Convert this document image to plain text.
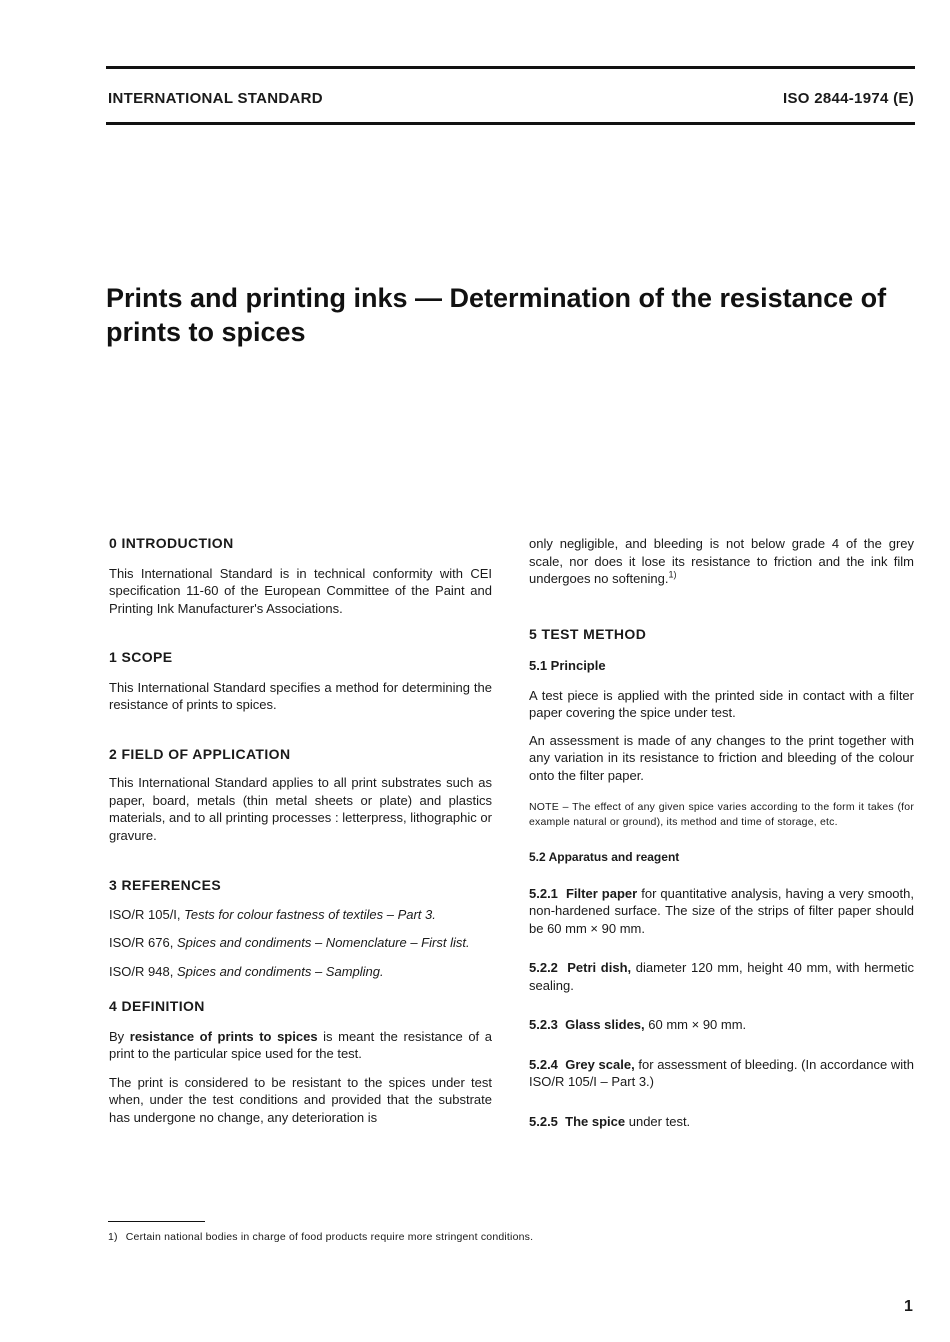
INTERNATIONAL STANDARD	ISO 2844-1974 (E)
Prints and printing inks — Determination of the resistance of prints to spices
0 INTRODUCTION

This International Standard is in technical conformity with CEI specification 11-60 of the European Committee of the Paint and Printing Ink Manufacturer's Associations.

1 SCOPE

This International Standard specifies a method for determining the resistance of prints to spices.

2 FIELD OF APPLICATION

This International Standard applies to all print substrates such as paper, board, metals (thin metal sheets or plate) and plastics materials, and to all printing processes : letterpress, lithographic or gravure.

3 REFERENCES

ISO/R 105/I, Tests for colour fastness of textiles – Part 3.

ISO/R 676, Spices and condiments – Nomenclature – First list.

ISO/R 948, Spices and condiments – Sampling.

4 DEFINITION

By resistance of prints to spices is meant the resistance of a print to the particular spice used for the test.

The print is considered to be resistant to the spices under test when, under the test conditions and provided that the substrate has undergone no change, any deterioration is

only negligible, and bleeding is not below grade 4 of the grey scale, nor does it lose its resistance to friction and the ink film undergoes no softening.$^{1)}$

5 TEST METHOD
5.1 Principle

A test piece is applied with the printed side in contact with a filter paper covering the spice under test.

An assessment is made of any changes to the print together with any variation in its resistance to friction and bleeding of the colour onto the filter paper.

NOTE – The effect of any given spice varies according to the form it takes (for example natural or ground), its method and time of storage, etc.

5.2 Apparatus and reagent

5.2.1 Filter paper for quantitative analysis, having a very smooth, non-hardened surface. The size of the strips of filter paper should be 60 mm × 90 mm.

5.2.2 Petri dish, diameter 120 mm, height 40 mm, with hermetic sealing.

5.2.3 Glass slides, 60 mm × 90 mm.

5.2.4 Grey scale, for assessment of bleeding. (In accordance with ISO/R 105/I – Part 3.)

5.2.5 The spice under test.

1) Certain national bodies in charge of food products require more stringent conditions.
1
